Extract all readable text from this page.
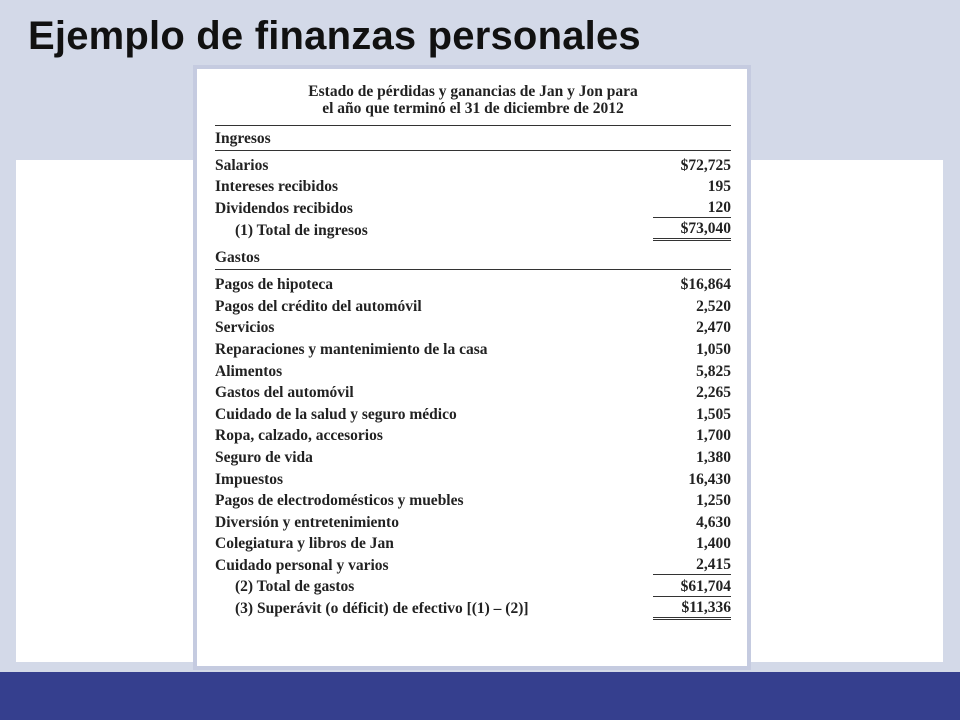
Ejemplo de finanzas personales
Estado de pérdidas y ganancias de Jan y Jon para
el año que terminó el 31 de diciembre de 2012
Ingresos
Salarios	$72,725
Intereses recibidos	195
Dividendos recibidos	120
(1) Total de ingresos	$73,040
Gastos
Pagos de hipoteca	$16,864
Pagos del crédito del automóvil	2,520
Servicios	2,470
Reparaciones y mantenimiento de la casa	1,050
Alimentos	5,825
Gastos del automóvil	2,265
Cuidado de la salud y seguro médico	1,505
Ropa, calzado, accesorios	1,700
Seguro de vida	1,380
Impuestos	16,430
Pagos de electrodomésticos y muebles	1,250
Diversión y entretenimiento	4,630
Colegiatura y libros de Jan	1,400
Cuidado personal y varios	2,415
(2) Total de gastos	$61,704
(3) Superávit (o déficit) de efectivo [(1) – (2)]	$11,336
